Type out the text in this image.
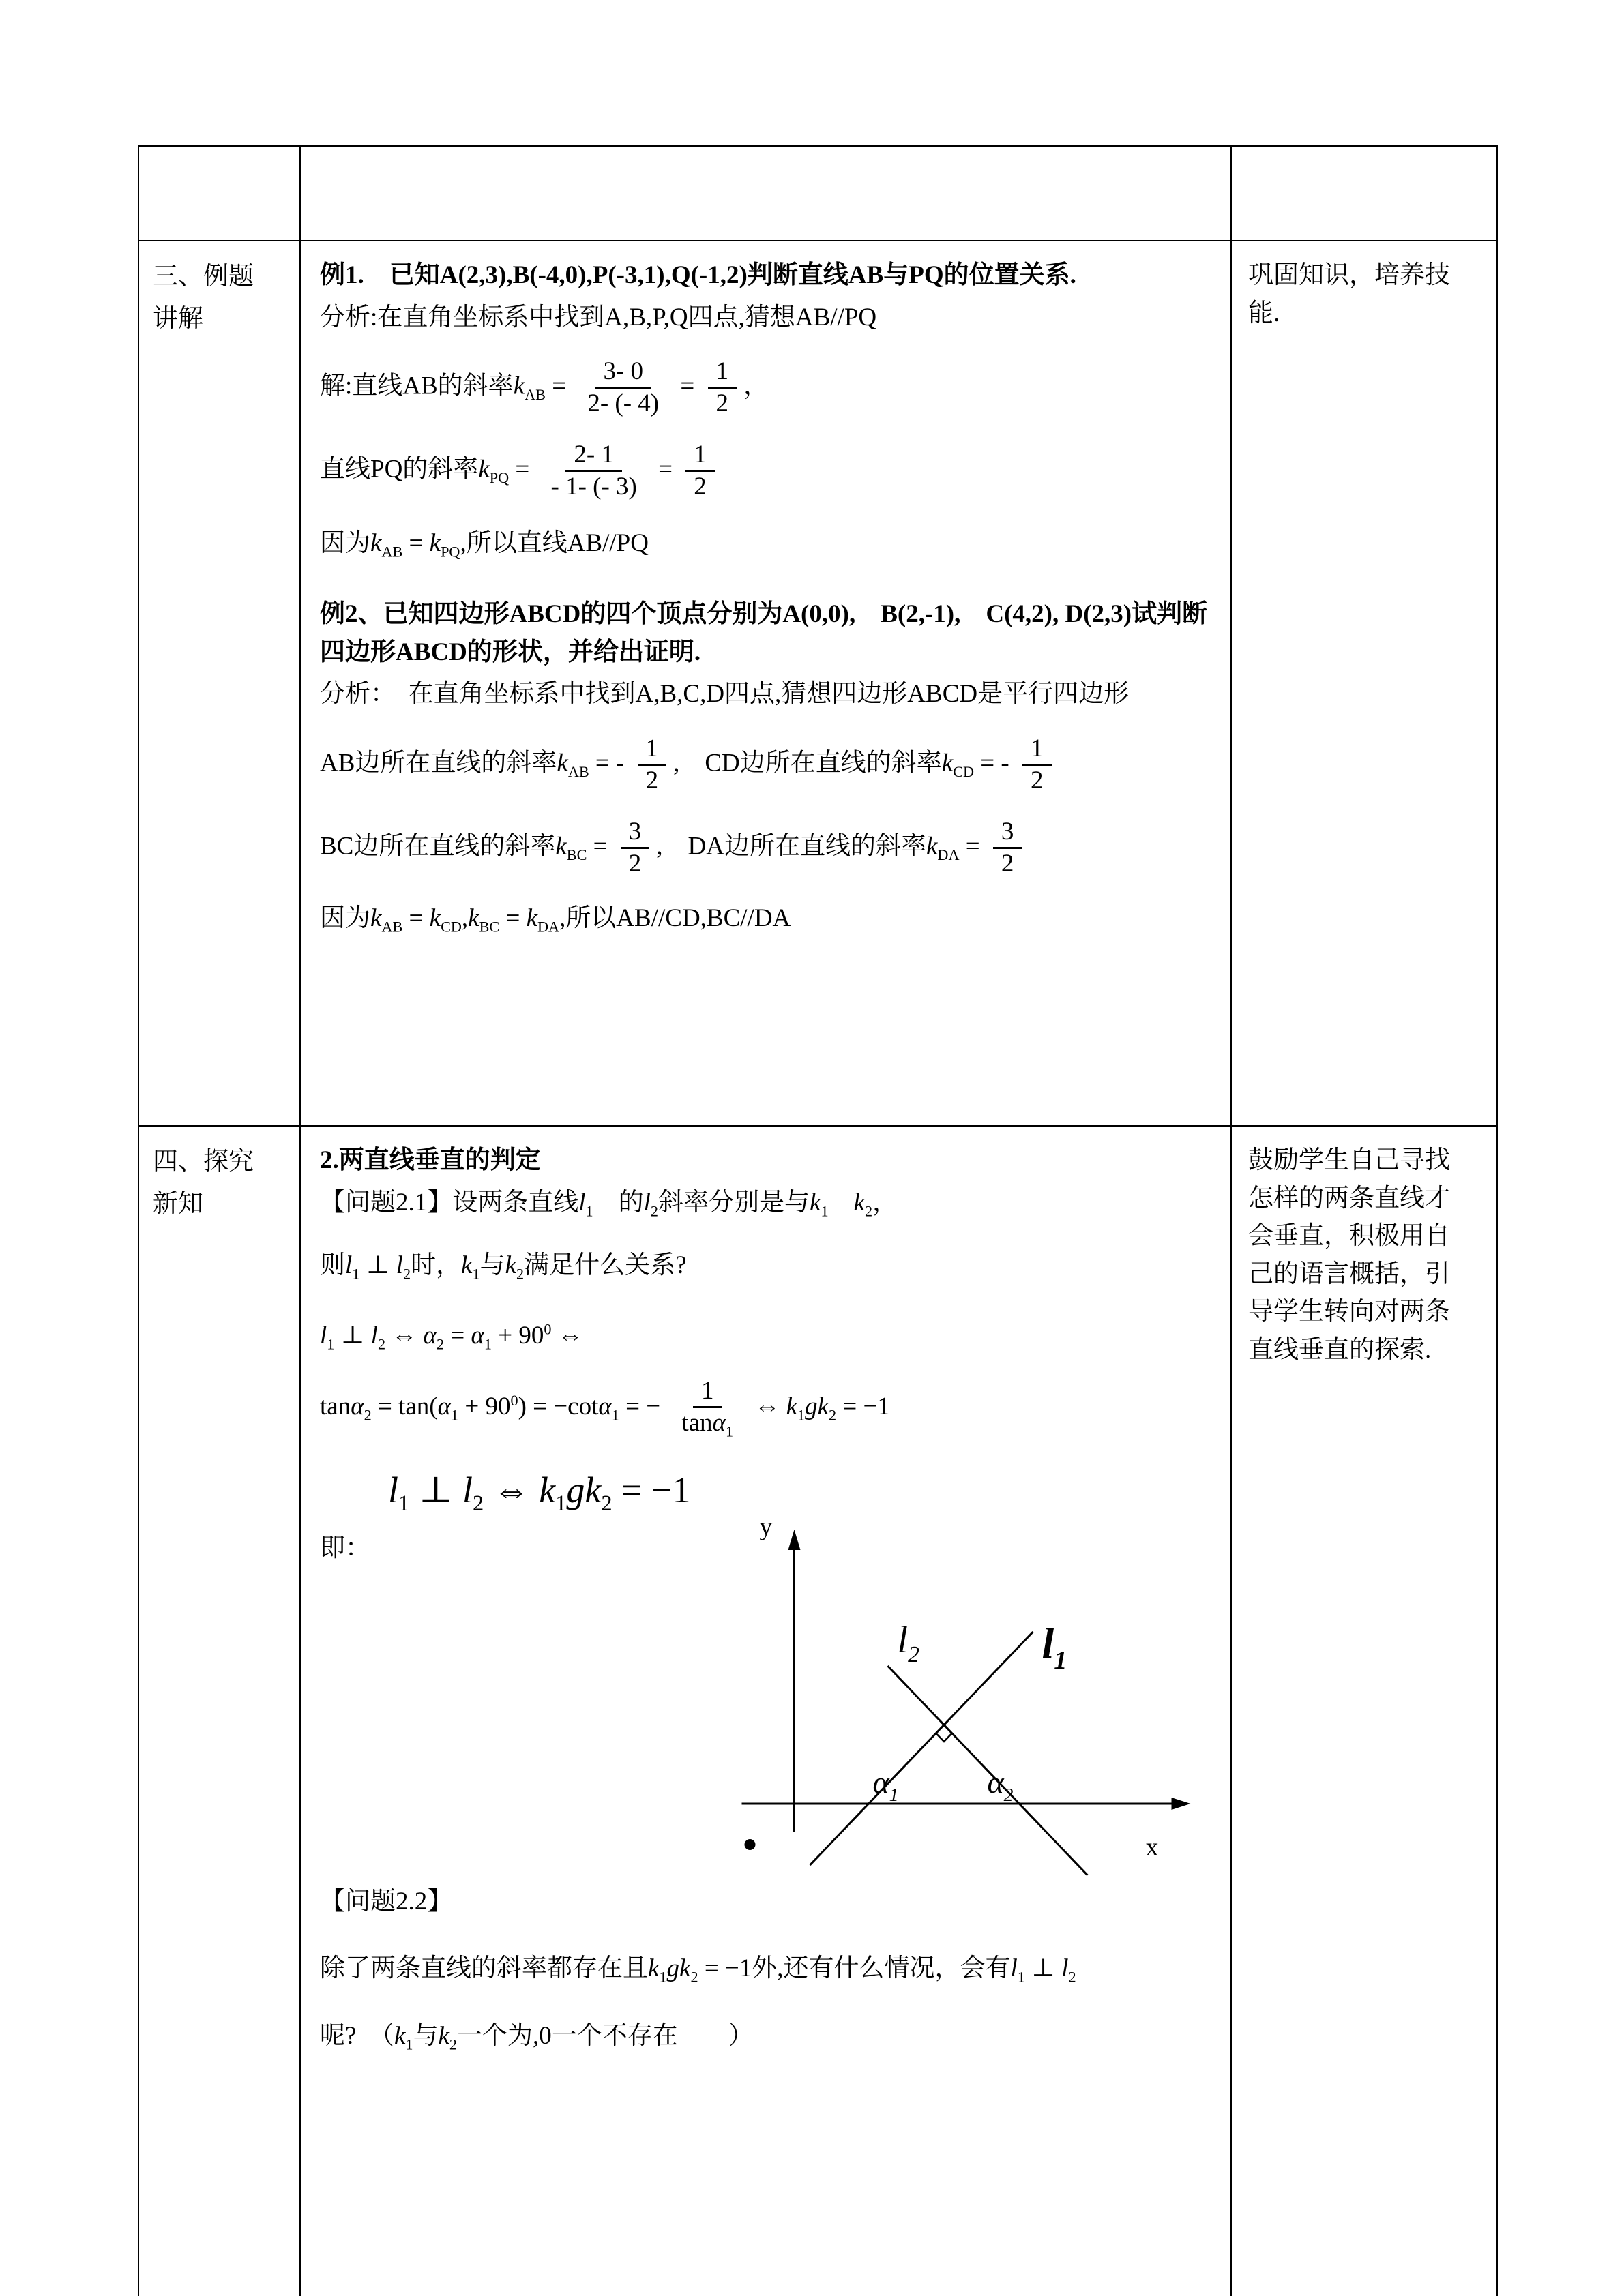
三、例题
讲解
例1.　已知A(2,3),B(-4,0),P(-3,1),Q(-1,2)判断直线AB与PQ的位置关系.
分析:在直角坐标系中找到A,B,P,Q四点,猜想AB//PQ
解:直线AB的斜率$k_{AB} = \frac{3- 0}{2- (- 4)} = \frac{1}{2}$ ，
直线PQ的斜率$k_{PQ} = \frac{2- 1}{- 1- (- 3)} = \frac{1}{2}$
因为$k_{AB} = k_{PQ}$,所以直线AB//PQ
例2、已知四边形ABCD的四个顶点分别为A(0,0),　B(2,-1),　C(4,2), D(2,3)试判断四边形ABCD的形状，并给出证明.
分析：　在直角坐标系中找到A,B,C,D四点,猜想四边形ABCD是平行四边形
AB边所在直线的斜率$k_{AB}$ = - $\frac{1}{2}$ ,　CD边所在直线的斜率$k_{CD}$ = - $\frac{1}{2}$
BC边所在直线的斜率$k_{BC} = \frac{3}{2}$ ,　DA边所在直线的斜率$k_{DA} = \frac{3}{2}$
因为$k_{AB} = k_{CD},k_{BC} = k_{DA}$,所以AB//CD,BC//DA
巩固知识，培养技能.
四、探究
新知
2.两直线垂直的判定
【问题2.1】设两条直线$l_1$　的$l_2$斜率分别是与$k_1$　 $k_2$，
则$l_1$ ⊥ $l_2$时，$k_1$与$k_2$满足什么关系?
$l_1$ ⊥ $l_2$ ⇔ $\alpha_2 = \alpha_1 + 90^0$ ⇔
$\tan\alpha_2 = \tan(\alpha_1 + 90^0) = -\cot\alpha_1$ = − $\frac{1}{\tan\alpha_1}$ ⇔ $k_1gk_2 = -1$
$l_1$ ⊥ $l_2$ ⇔ $k_1gk_2 = -1$
即：
y
x
$l_2$	$l_1$
$\alpha_1$	$\alpha_2$
【问题2.2】
除了两条直线的斜率都存在且$k_1gk_2 = -1$外,还有什么情况，会有$l_1$ ⊥ $l_2$
呢?　（$k_1$与$k_2$一个为,0一个不存在　　）
鼓励学生自己寻找怎样的两条直线才会垂直，积极用自己的语言概括，引导学生转向对两条直线垂直的探索.
